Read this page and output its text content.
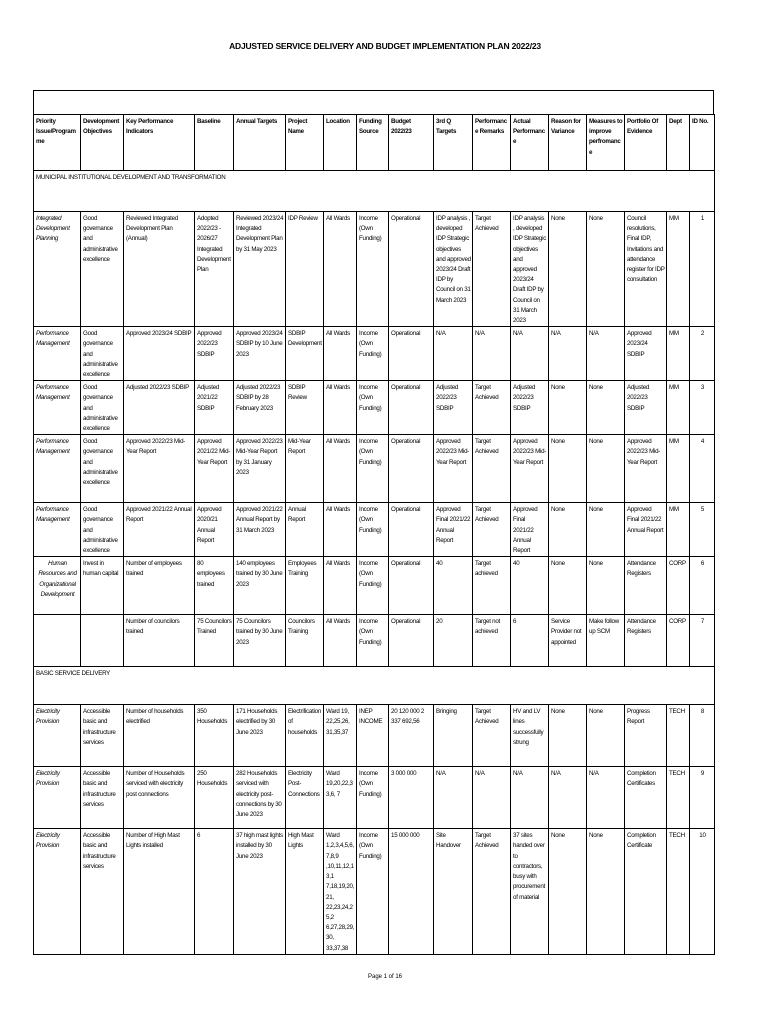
ADJUSTED SERVICE DELIVERY AND BUDGET IMPLEMENTATION PLAN 2022/23
Priority Issue/Programme	Development Objectives	Key Performance Indicators	Baseline	Annual Targets	Project Name	Location	Funding Source	Budget 2022/23	3rd Q Targets	Performance Remarks	Actual Performance	Reason for Variance	Measures to improve perfromance	Portfolio Of Evidence	Dept	ID No.
MUNICIPAL INSTITUTIONAL DEVELOPMENT AND TRANSFORMATION																
Integrated Development Planning	Good governance and administrative excellence	Reviewed Integrated Development Plan (Annual)	Adopted 2022/23 - 2026/27 Integrated Development Plan	Reviewed 2023/24 Integrated Development Plan by 31 May 2023	IDP Review	All Wards	Income (Own Funding)	Operational	IDP analysis , developed IDP Strategic objectives and approved 2023/24 Draft IDP by Council on 31 March 2023	Target Achieved	IDP analysis , developed IDP Strategic objectives and approved 2023/24 Draft IDP by Council on 31 March 2023	None	None	Council resolutions, Final IDP, Invitations and attendance register for IDP consultation	MM	1
Performance Management	Good governance and administrative excellence	Approved 2023/24 SDBIP	Approved 2022/23 SDBIP	Approved 2023/24 SDBIP by 10 June 2023	SDBIP Development	All Wards	Income (Own Funding)	Operational	N/A	N/A	N/A	N/A	N/A	Approved 2023/24 SDBIP	MM	2
Performance Management	Good governance and administrative excellence	Adjusted 2022/23 SDBIP	Adjusted 2021/22 SDBIP	Adjusted 2022/23 SDBIP by 28 February 2023	SDBIP Review	All Wards	Income (Own Funding)	Operational	Adjusted 2022/23 SDBIP	Target Achieved	Adjusted 2022/23 SDBIP	None	None	Adjusted 2022/23 SDBIP	MM	3
Performance Management	Good governance and administrative excellence	Approved 2022/23 Mid-Year Report	Approved 2021/22 Mid-Year Report	Approved 2022/23 Mid-Year Report by 31 January 2023	Mid-Year Report	All Wards	Income (Own Funding)	Operational	Approved 2022/23 Mid-Year Report	Target Achieved	Approved 2022/23 Mid-Year Report	None	None	Approved 2022/23 Mid-Year Report	MM	4
Performance Management	Good governance and administrative excellence	Approved 2021/22 Annual Report	Approved 2020/21 Annual Report	Approved 2021/22 Annual Report by 31 March 2023	Annual Report	All Wards	Income (Own Funding)	Operational	Approved Final 2021/22 Annual Report	Target Achieved	Approved Final 2021/22 Annual Report	None	None	Approved Final 2021/22 Annual Report	MM	5
Human Resources and Organizational Development	Invest in human capital	Number of employees trained	80 employees trained	140 employees trained by 30 June 2023	Employees Training	All Wards	Income (Own Funding)	Operational	40	Target achieved	40	None	None	Attendance Registers	CORP	6
		Number of councilors trained	75 Councilors Trained	75 Councilors trained by 30 June 2023	Councilors Training	All Wards	Income (Own Funding)	Operational	20	Target not achieved	6	Service Provider not appointed	Make follow up SCM	Attendance Registers	CORP	7
BASIC SERVICE DELIVERY																
Electricity Provision	Accessible basic and infrastructure services	Number of households electrified	350 Households	171 Households electrified by 30 June 2023	Electrification of households	Ward 19, 22,25,26, 31,35,37	INEP INCOME	20 120 000 2 337 692,56	Bringing	Target Achieved	HV and LV lines successfully strung	None	None	Progress Report	TECH	8
Electricity Provision	Accessible basic and infrastructure services	Number of Households serviced with electricity post connections	250 Households	282 Households serviced with electricity post-connections by 30 June 2023	Electricity Post-Connections	Ward 19,20,22,33,6, 7	Income (Own Funding)	3 000 000	N/A	N/A	N/A	N/A	N/A	Completion Certificates	TECH	9
Electricity Provision	Accessible basic and infrastructure services	Number of High Mast Lights installed	6	37 high mast lights installed by 30 June 2023	High Mast Lights	Ward 1,2,3,4,5,6,7,8,9 ,10,11,12,13,1 7,18,19,20,21, 22,23,24,25,2 6,27,28,29,30, 33,37,38	Income (Own Funding)	15 000 000	Site Handover	Target Achieved	37 sites handed over to contractors, busy with procurement of material	None	None	Completion Certificate	TECH	10
Page 1 of 16
